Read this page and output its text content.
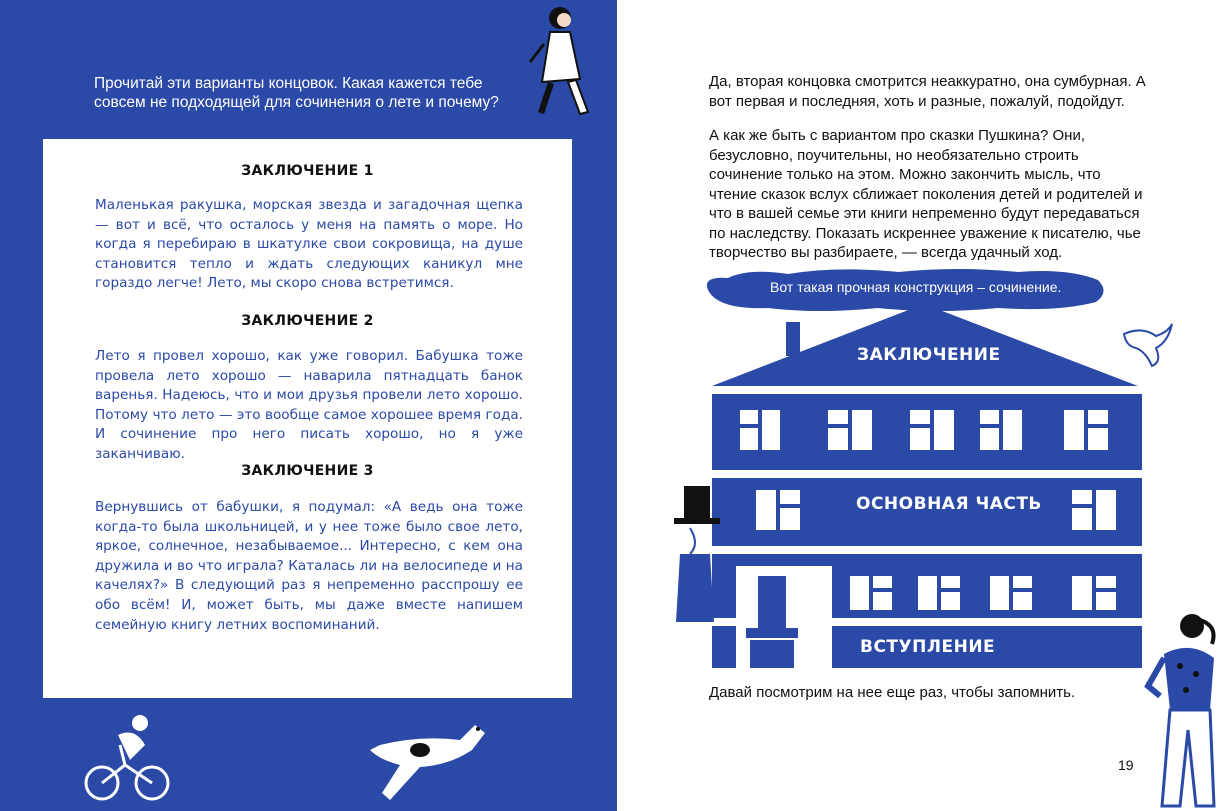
Прочитай эти варианты концовок. Какая кажется тебе совсем не подходящей для сочинения о лете и почему?
ЗАКЛЮЧЕНИЕ 1

Маленькая ракушка, морская звезда и загадочная щепка — вот и всё, что осталось у меня на память о море. Но когда я перебираю в шкатулке свои сокровища, на душе становится тепло и ждать следующих каникул мне гораздо легче! Лето, мы скоро снова встретимся.

ЗАКЛЮЧЕНИЕ 2

Лето я провел хорошо, как уже говорил. Бабушка тоже провела лето хорошо — наварила пятнадцать банок варенья. Надеюсь, что и мои друзья провели лето хорошо. Потому что лето — это вообще самое хорошее время года. И сочинение про него писать хорошо, но я уже заканчиваю.

ЗАКЛЮЧЕНИЕ 3

Вернувшись от бабушки, я подумал: «А ведь она тоже когда-то была школьницей, и у нее тоже было свое лето, яркое, солнечное, незабываемое... Интересно, с кем она дружила и во что играла? Каталась ли на велосипеде и на качелях?» В следующий раз я непременно расспрошу ее обо всём! И, может быть, мы даже вместе напишем семейную книгу летних воспоминаний.

Да, вторая концовка смотрится неаккуратно, она сумбурная. А вот первая и последняя, хоть и разные, пожалуй, подойдут.

А как же быть с вариантом про сказки Пушкина? Они, безусловно, поучительны, но необязательно строить сочинение только на этом. Можно закончить мысль, что чтение сказок вслух сближает поколения детей и родителей и что в вашей семье эти книги непременно будут передаваться по наследству. Показать искреннее уважение к писателю, чье творчество вы разбираете, — всегда удачный ход.

Вот такая прочная конструкция – сочинение.
ЗАКЛЮЧЕНИЕ
ОСНОВНАЯ ЧАСТЬ
ВСТУПЛЕНИЕ

Давай посмотрим на нее еще раз, чтобы запомнить.

19
